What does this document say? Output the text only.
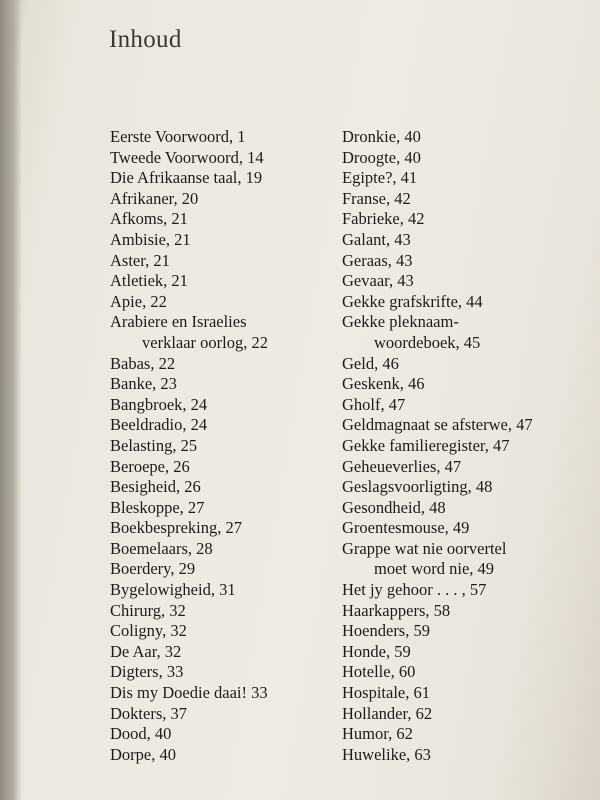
Inhoud
Eerste Voorwoord, 1
Tweede Voorwoord, 14
Die Afrikaanse taal, 19
Afrikaner, 20
Afkoms, 21
Ambisie, 21
Aster, 21
Atletiek, 21
Apie, 22
Arabiere en Israelies
verklaar oorlog, 22
Babas, 22
Banke, 23
Bangbroek, 24
Beeldradio, 24
Belasting, 25
Beroepe, 26
Besigheid, 26
Bleskoppe, 27
Boekbespreking, 27
Boemelaars, 28
Boerdery, 29
Bygelowigheid, 31
Chirurg, 32
Coligny, 32
De Aar, 32
Digters, 33
Dis my Doedie daai! 33
Dokters, 37
Dood, 40
Dorpe, 40
Dronkie, 40
Droogte, 40
Egipte?, 41
Franse, 42
Fabrieke, 42
Galant, 43
Geraas, 43
Gevaar, 43
Gekke grafskrifte, 44
Gekke pleknaam-
woordeboek, 45
Geld, 46
Geskenk, 46
Gholf, 47
Geldmagnaat se afsterwe, 47
Gekke familieregister, 47
Geheueverlies, 47
Geslagsvoorligting, 48
Gesondheid, 48
Groentesmouse, 49
Grappe wat nie oorvertel
moet word nie, 49
Het jy gehoor . . . , 57
Haarkappers, 58
Hoenders, 59
Honde, 59
Hotelle, 60
Hospitale, 61
Hollander, 62
Humor, 62
Huwelike, 63
